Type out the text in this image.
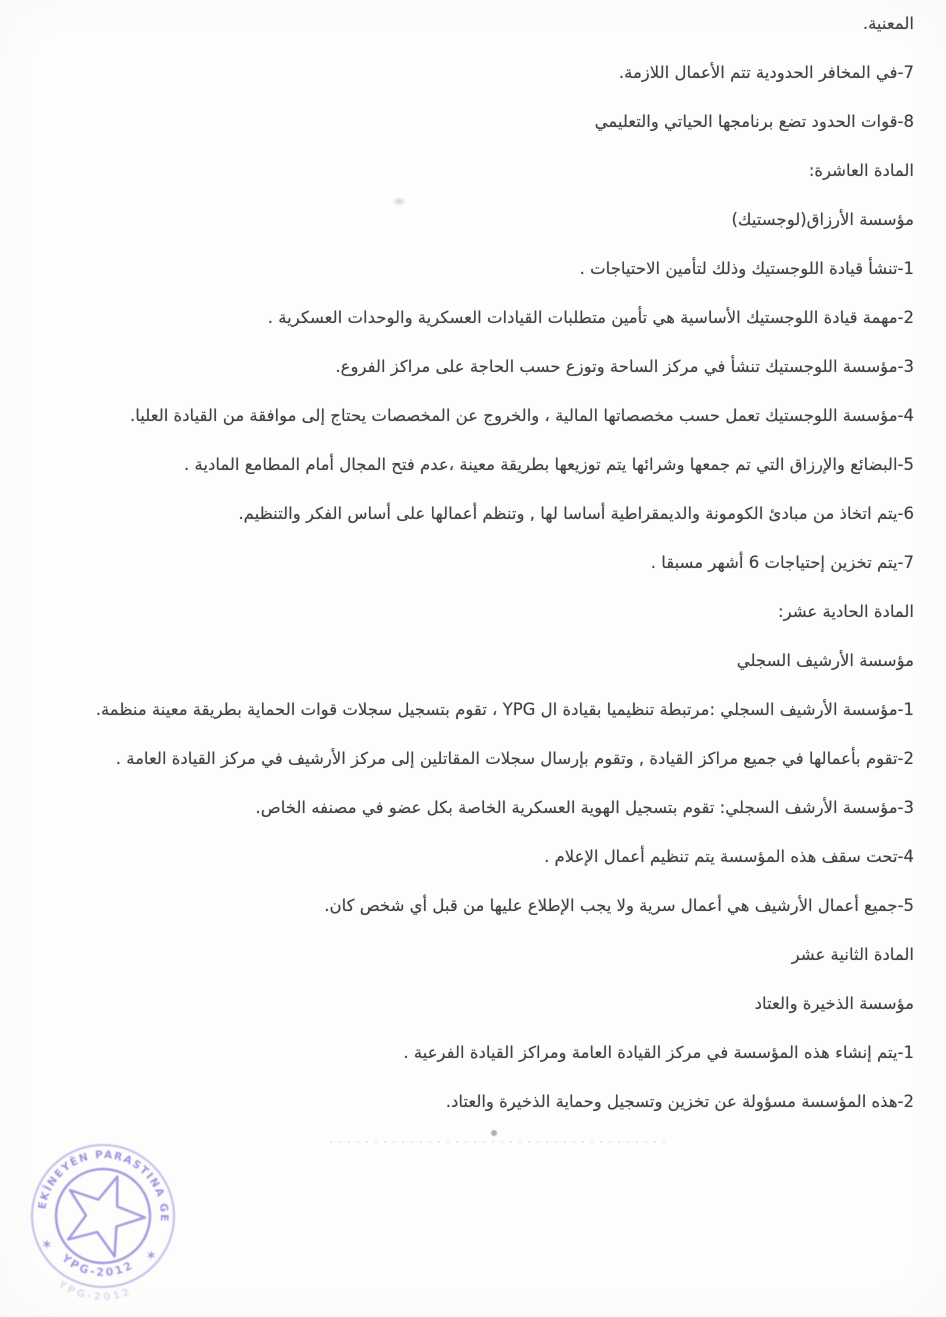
المعنية.

7-في المخافر الحدودية تتم الأعمال اللازمة.

8-قوات الحدود تضع برنامجها الحياتي والتعليمي

المادة العاشرة:

مؤسسة الأرزاق(لوجستيك)

1-تنشأ قيادة اللوجستيك وذلك لتأمين الاحتياجات .

2-مهمة قيادة اللوجستيك الأساسية هي تأمين متطلبات القيادات العسكرية والوحدات العسكرية .

3-مؤسسة اللوجستيك تنشأ في مركز الساحة وتوزع حسب الحاجة على مراكز الفروع.

4-مؤسسة اللوجستيك تعمل حسب مخصصاتها المالية ، والخروج عن المخصصات يحتاج إلى موافقة من القيادة العليا.

5-البضائع والإرزاق التي تم جمعها وشرائها يتم توزيعها بطريقة معينة ،عدم فتح المجال أمام المطامع المادية .

6-يتم اتخاذ من مبادئ الكومونة والديمقراطية أساسا لها , وتنظم أعمالها على أساس الفكر والتنظيم.

7-يتم تخزين إحتياجات 6 أشهر مسبقا .

المادة الحادية عشر:

مؤسسة الأرشيف السجلي

1-مؤسسة الأرشيف السجلي :مرتبطة تنظيميا بقيادة ال YPG ، تقوم بتسجيل سجلات قوات الحماية بطريقة معينة منظمة.

2-تقوم بأعمالها في جميع مراكز القيادة , وتقوم بإرسال سجلات المقاتلين إلى مركز الأرشيف في مركز القيادة العامة .

3-مؤسسة الأرشف السجلي: تقوم بتسجيل الهوية العسكرية الخاصة بكل عضو في مصنفه الخاص.

4-تحت سقف هذه المؤسسة يتم تنظيم أعمال الإعلام .

5-جميع أعمال الأرشيف هي أعمال سرية ولا يجب الإطلاع عليها من قبل أي شخص كان.

المادة الثانية عشر

مؤسسة الذخيرة والعتاد

1-يتم إنشاء هذه المؤسسة في مركز القيادة العامة ومراكز القيادة الفرعية .

2-هذه المؤسسة مسؤولة عن تخزين وتسجيل وحماية الذخيرة والعتاد.

YEKÎNEYÊN PARASTINA GEL
YPG-2012
YPG-2012
✶
✶
